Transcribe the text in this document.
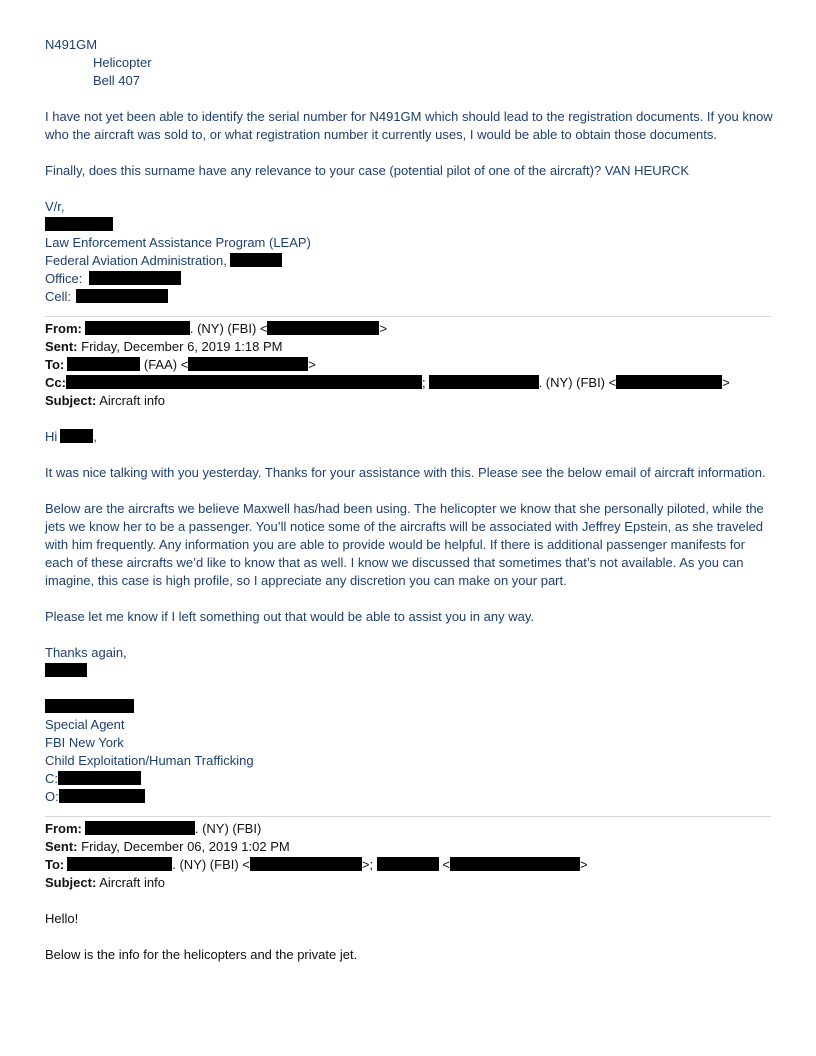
N491GM
Helicopter
Bell 407
I have not yet been able to identify the serial number for N491GM which should lead to the registration documents. If you know who the aircraft was sold to, or what registration number it currently uses, I would be able to obtain those documents.
Finally, does this surname have any relevance to your case (potential pilot of one of the aircraft)? VAN HEURCK
V/r,
Law Enforcement Assistance Program (LEAP)
Federal Aviation Administration,
Office:
Cell:
From:	. (NY) (FBI) <	>
Sent: Friday, December 6, 2019 1:18 PM
To:	(FAA) <	>
Cc:	;	. (NY) (FBI) <	>
Subject: Aircraft info
Hi	,
It was nice talking with you yesterday. Thanks for your assistance with this. Please see the below email of aircraft information.
Below are the aircrafts we believe Maxwell has/had been using. The helicopter we know that she personally piloted, while the jets we know her to be a passenger. You’ll notice some of the aircrafts will be associated with Jeffrey Epstein, as she traveled with him frequently. Any information you are able to provide would be helpful. If there is additional passenger manifests for each of these aircrafts we’d like to know that as well. I know we discussed that sometimes that’s not available. As you can imagine, this case is high profile, so I appreciate any discretion you can make on your part.
Please let me know if I left something out that would be able to assist you in any way.
Thanks again,
Special Agent
FBI New York
Child Exploitation/Human Trafficking
C:
O:
From:	. (NY) (FBI)
Sent: Friday, December 06, 2019 1:02 PM
To:	. (NY) (FBI) <	>;	<	>
Subject: Aircraft info
Hello!
Below is the info for the helicopters and the private jet.
